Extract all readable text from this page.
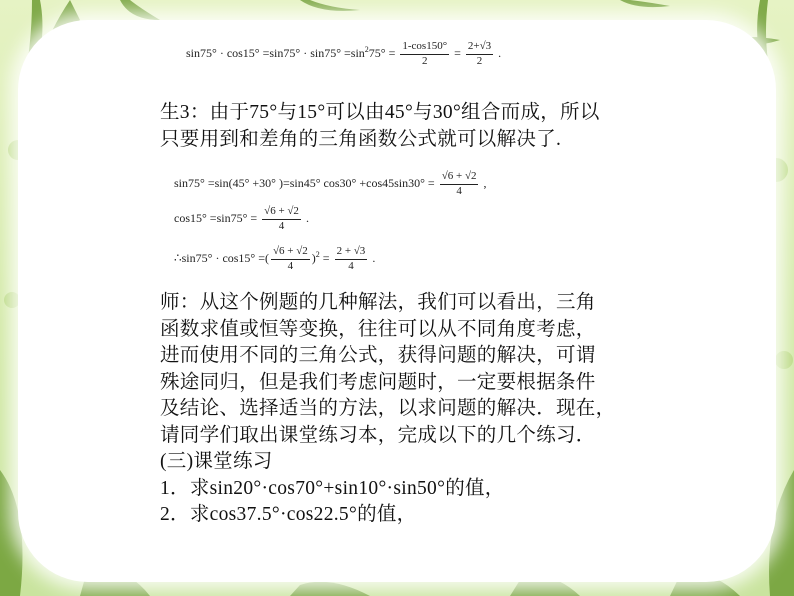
$\sin 75^\circ \cdot \cos 15^\circ =\sin 75^\circ \cdot \sin 75^\circ =\sin^275^\circ = \frac{1-\cos 150^\circ}{2} = \frac{2+√3}{2}$ .
生3：由于75°与15°可以由45°与30°组合而成，所以
只要用到和差角的三角函数公式就可以解决了.
sin75° =sin(45° +30° )=sin45° $\cos 30^\circ +\cos 45\sin 30^\circ = \frac{√6 + √2}{4}$ ,
$\cos 15^\circ =\sin 75^\circ = \frac{√6 + √2}{4}$ .
∴sin75° · cos15° =( $\frac{√6 + √2}{4} )^2 = \frac{2 + √3}{4}$ .
师：从这个例题的几种解法，我们可以看出，三角
函数求值或恒等变换，往往可以从不同角度考虑，
进而使用不同的三角公式，获得问题的解决，可谓
殊途同归，但是我们考虑问题时，一定要根据条件
及结论、选择适当的方法，以求问题的解决．现在，
请同学们取出课堂练习本，完成以下的几个练习．
(三)课堂练习
1．求sin20°·cos70°+sin10°·sin50°的值，
2．求cos37.5°·cos22.5°的值，
